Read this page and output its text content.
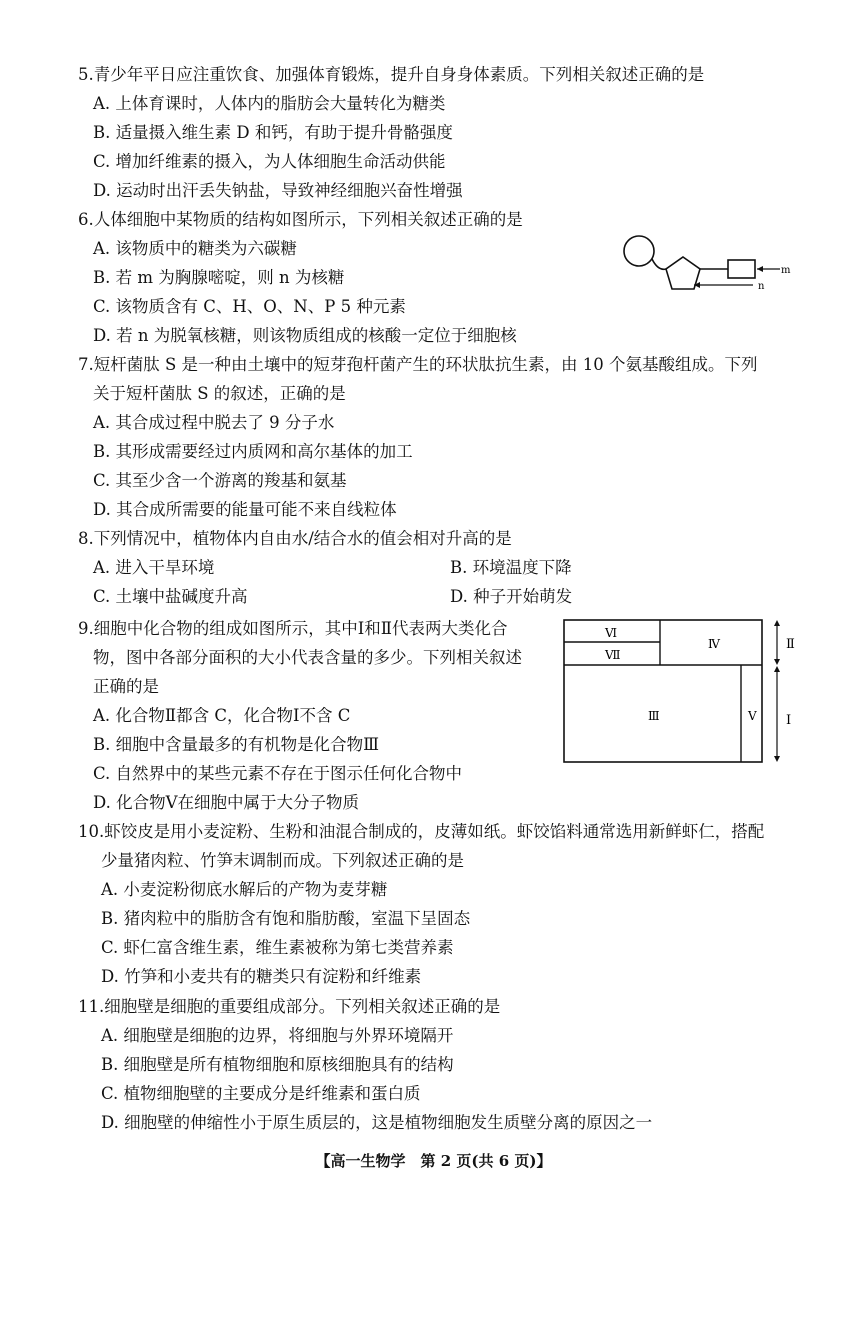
5.青少年平日应注重饮食、加强体育锻炼，提升自身身体素质。下列相关叙述正确的是
A. 上体育课时，人体内的脂肪会大量转化为糖类
B. 适量摄入维生素 D 和钙，有助于提升骨骼强度
C. 增加纤维素的摄入，为人体细胞生命活动供能
D. 运动时出汗丢失钠盐，导致神经细胞兴奋性增强
6.人体细胞中某物质的结构如图所示，下列相关叙述正确的是
A. 该物质中的糖类为六碳糖
B. 若 m 为胸腺嘧啶，则 n 为核糖
C. 该物质含有 C、H、O、N、P 5 种元素
D. 若 n 为脱氧核糖，则该物质组成的核酸一定位于细胞核
m
n
7.短杆菌肽 S 是一种由土壤中的短芽孢杆菌产生的环状肽抗生素，由 10 个氨基酸组成。下列
关于短杆菌肽 S 的叙述，正确的是
A. 其合成过程中脱去了 9 分子水
B. 其形成需要经过内质网和高尔基体的加工
C. 其至少含一个游离的羧基和氨基
D. 其合成所需要的能量可能不来自线粒体
8.下列情况中，植物体内自由水/结合水的值会相对升高的是
A. 进入干旱环境	B. 环境温度下降
C. 土壤中盐碱度升高	D. 种子开始萌发
9.细胞中化合物的组成如图所示，其中Ⅰ和Ⅱ代表两大类化合
物，图中各部分面积的大小代表含量的多少。下列相关叙述
正确的是
A. 化合物Ⅱ都含 C，化合物Ⅰ不含 C
B. 细胞中含量最多的有机物是化合物Ⅲ
C. 自然界中的某些元素不存在于图示任何化合物中
D. 化合物Ⅴ在细胞中属于大分子物质
Ⅵ
Ⅶ
Ⅳ
Ⅲ	Ⅴ
Ⅱ
Ⅰ
10.虾饺皮是用小麦淀粉、生粉和油混合制成的，皮薄如纸。虾饺馅料通常选用新鲜虾仁，搭配
少量猪肉粒、竹笋末调制而成。下列叙述正确的是
A. 小麦淀粉彻底水解后的产物为麦芽糖
B. 猪肉粒中的脂肪含有饱和脂肪酸，室温下呈固态
C. 虾仁富含维生素，维生素被称为第七类营养素
D. 竹笋和小麦共有的糖类只有淀粉和纤维素
11.细胞壁是细胞的重要组成部分。下列相关叙述正确的是
A. 细胞壁是细胞的边界，将细胞与外界环境隔开
B. 细胞壁是所有植物细胞和原核细胞具有的结构
C. 植物细胞壁的主要成分是纤维素和蛋白质
D. 细胞壁的伸缩性小于原生质层的，这是植物细胞发生质壁分离的原因之一
【高一生物学　第 2 页(共 6 页)】
